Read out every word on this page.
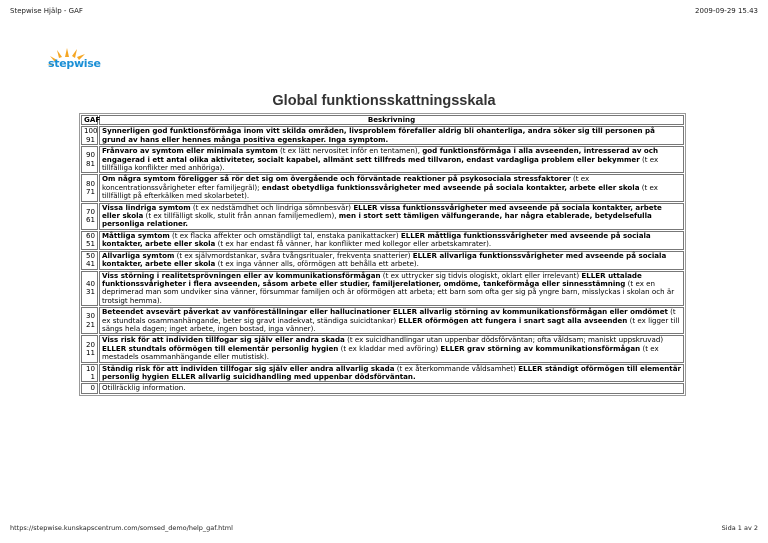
Stepwise Hjälp - GAF	2009-09-29 15.43
stepwise
Global funktionsskattningsskala
GAF	Beskrivning

100
91	Synnerligen god funktionsförmåga inom vitt skilda områden, livsproblem förefaller aldrig bli ohanterliga, andra söker sig till personen på grund av hans eller hennes många positiva egenskaper. Inga symptom.

90
81	Frånvaro av symtom eller minimala symtom (t ex lätt nervositet inför en tentamen), god funktionsförmåga i alla avseenden, intresserad av och engagerad i ett antal olika aktiviteter, socialt kapabel, allmänt sett tillfreds med tillvaron, endast vardagliga problem eller bekymmer (t ex tillfälliga konflikter med anhöriga).

80
71	Om några symtom föreligger så rör det sig om övergående och förväntade reaktioner på psykosociala stressfaktorer (t ex koncentrationssvårigheter efter familjegräl); endast obetydliga funktionssvårigheter med avseende på sociala kontakter, arbete eller skola (t ex tillfälligt på efterkälken med skolarbetet).

70
61	Vissa lindriga symtom (t ex nedstämdhet och lindriga sömnbesvär) ELLER vissa funktionssvårigheter med avseende på sociala kontakter, arbete eller skola (t ex tillfälligt skolk, stulit från annan familjemedlem), men i stort sett tämligen välfungerande, har några etablerade, betydelsefulla personliga relationer.

60
51	Måttliga symtom (t ex flacka affekter och omständligt tal, enstaka panikattacker) ELLER måttliga funktionssvårigheter med avseende på sociala kontakter, arbete eller skola (t ex har endast få vänner, har konflikter med kollegor eller arbetskamrater).

50
41	Allvarliga symtom (t ex självmordstankar, svåra tvångsritualer, frekventa snatterier) ELLER allvarliga funktionssvårigheter med avseende på sociala kontakter, arbete eller skola (t ex inga vänner alls, oförmögen att behålla ett arbete).

40
31	Viss störning i realitetsprövningen eller av kommunikationsförmågan (t ex uttrycker sig tidvis ologiskt, oklart eller irrelevant) ELLER uttalade funktionssvårigheter i flera avseenden, såsom arbete eller studier, familjerelationer, omdöme, tankeförmåga eller sinnesstämning (t ex en deprimerad man som undviker sina vänner, försummar familjen och är oförmögen att arbeta; ett barn som ofta ger sig på yngre barn, misslyckas i skolan och är trotsigt hemma).

30
21	Beteendet avsevärt påverkat av vanföreställningar eller hallucinationer ELLER allvarlig störning av kommunikationsförmågan eller omdömet (t ex stundtals osammanhängande, beter sig gravt inadekvat, ständiga suicidtankar) ELLER oförmögen att fungera i snart sagt alla avseenden (t ex ligger till sängs hela dagen; inget arbete, ingen bostad, inga vänner).

20
11	Viss risk för att individen tillfogar sig själv eller andra skada (t ex suicidhandlingar utan uppenbar dödsförväntan; ofta våldsam; maniskt uppskruvad) ELLER stundtals oförmögen till elementär personlig hygien (t ex kladdar med avföring) ELLER grav störning av kommunikationsförmågan (t ex mestadels osammanhängande eller mutistisk).

10
1	Ständig risk för att individen tillfogar sig själv eller andra allvarlig skada (t ex återkommande våldsamhet) ELLER ständigt oförmögen till elementär personlig hygien ELLER allvarlig suicidhandling med uppenbar dödsförväntan.

0	Otillräcklig information.
https://stepwise.kunskapscentrum.com/somsed_demo/help_gaf.html	Sida 1 av 2
